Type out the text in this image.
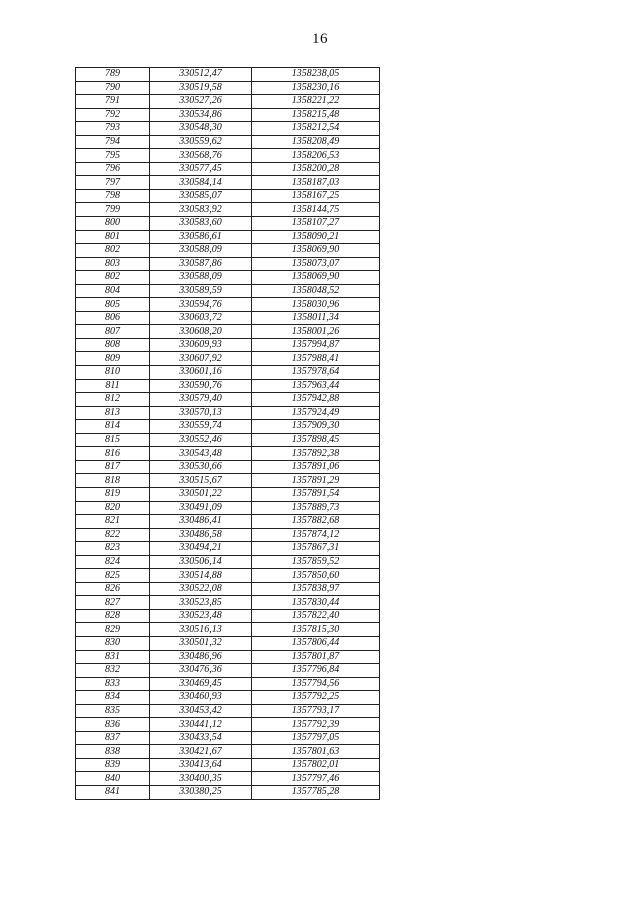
16
789	330512,47	1358238,05
790	330519,58	1358230,16
791	330527,26	1358221,22
792	330534,86	1358215,48
793	330548,30	1358212,54
794	330559,62	1358208,49
795	330568,76	1358206,53
796	330577,45	1358200,28
797	330584,14	1358187,03
798	330585,07	1358167,25
799	330583,92	1358144,75
800	330583,60	1358107,27
801	330586,61	1358090,21
802	330588,09	1358069,90
803	330587,86	1358073,07
802	330588,09	1358069,90
804	330589,59	1358048,52
805	330594,76	1358030,96
806	330603,72	1358011,34
807	330608,20	1358001,26
808	330609,93	1357994,87
809	330607,92	1357988,41
810	330601,16	1357978,64
811	330590,76	1357963,44
812	330579,40	1357942,88
813	330570,13	1357924,49
814	330559,74	1357909,30
815	330552,46	1357898,45
816	330543,48	1357892,38
817	330530,66	1357891,06
818	330515,67	1357891,29
819	330501,22	1357891,54
820	330491,09	1357889,73
821	330486,41	1357882,68
822	330486,58	1357874,12
823	330494,21	1357867,31
824	330506,14	1357859,52
825	330514,88	1357850,60
826	330522,08	1357838,97
827	330523,85	1357830,44
828	330523,48	1357822,40
829	330516,13	1357815,30
830	330501,32	1357806,44
831	330486,96	1357801,87
832	330476,36	1357796,84
833	330469,45	1357794,56
834	330460,93	1357792,25
835	330453,42	1357793,17
836	330441,12	1357792,39
837	330433,54	1357797,05
838	330421,67	1357801,63
839	330413,64	1357802,01
840	330400,35	1357797,46
841	330380,25	1357785,28
